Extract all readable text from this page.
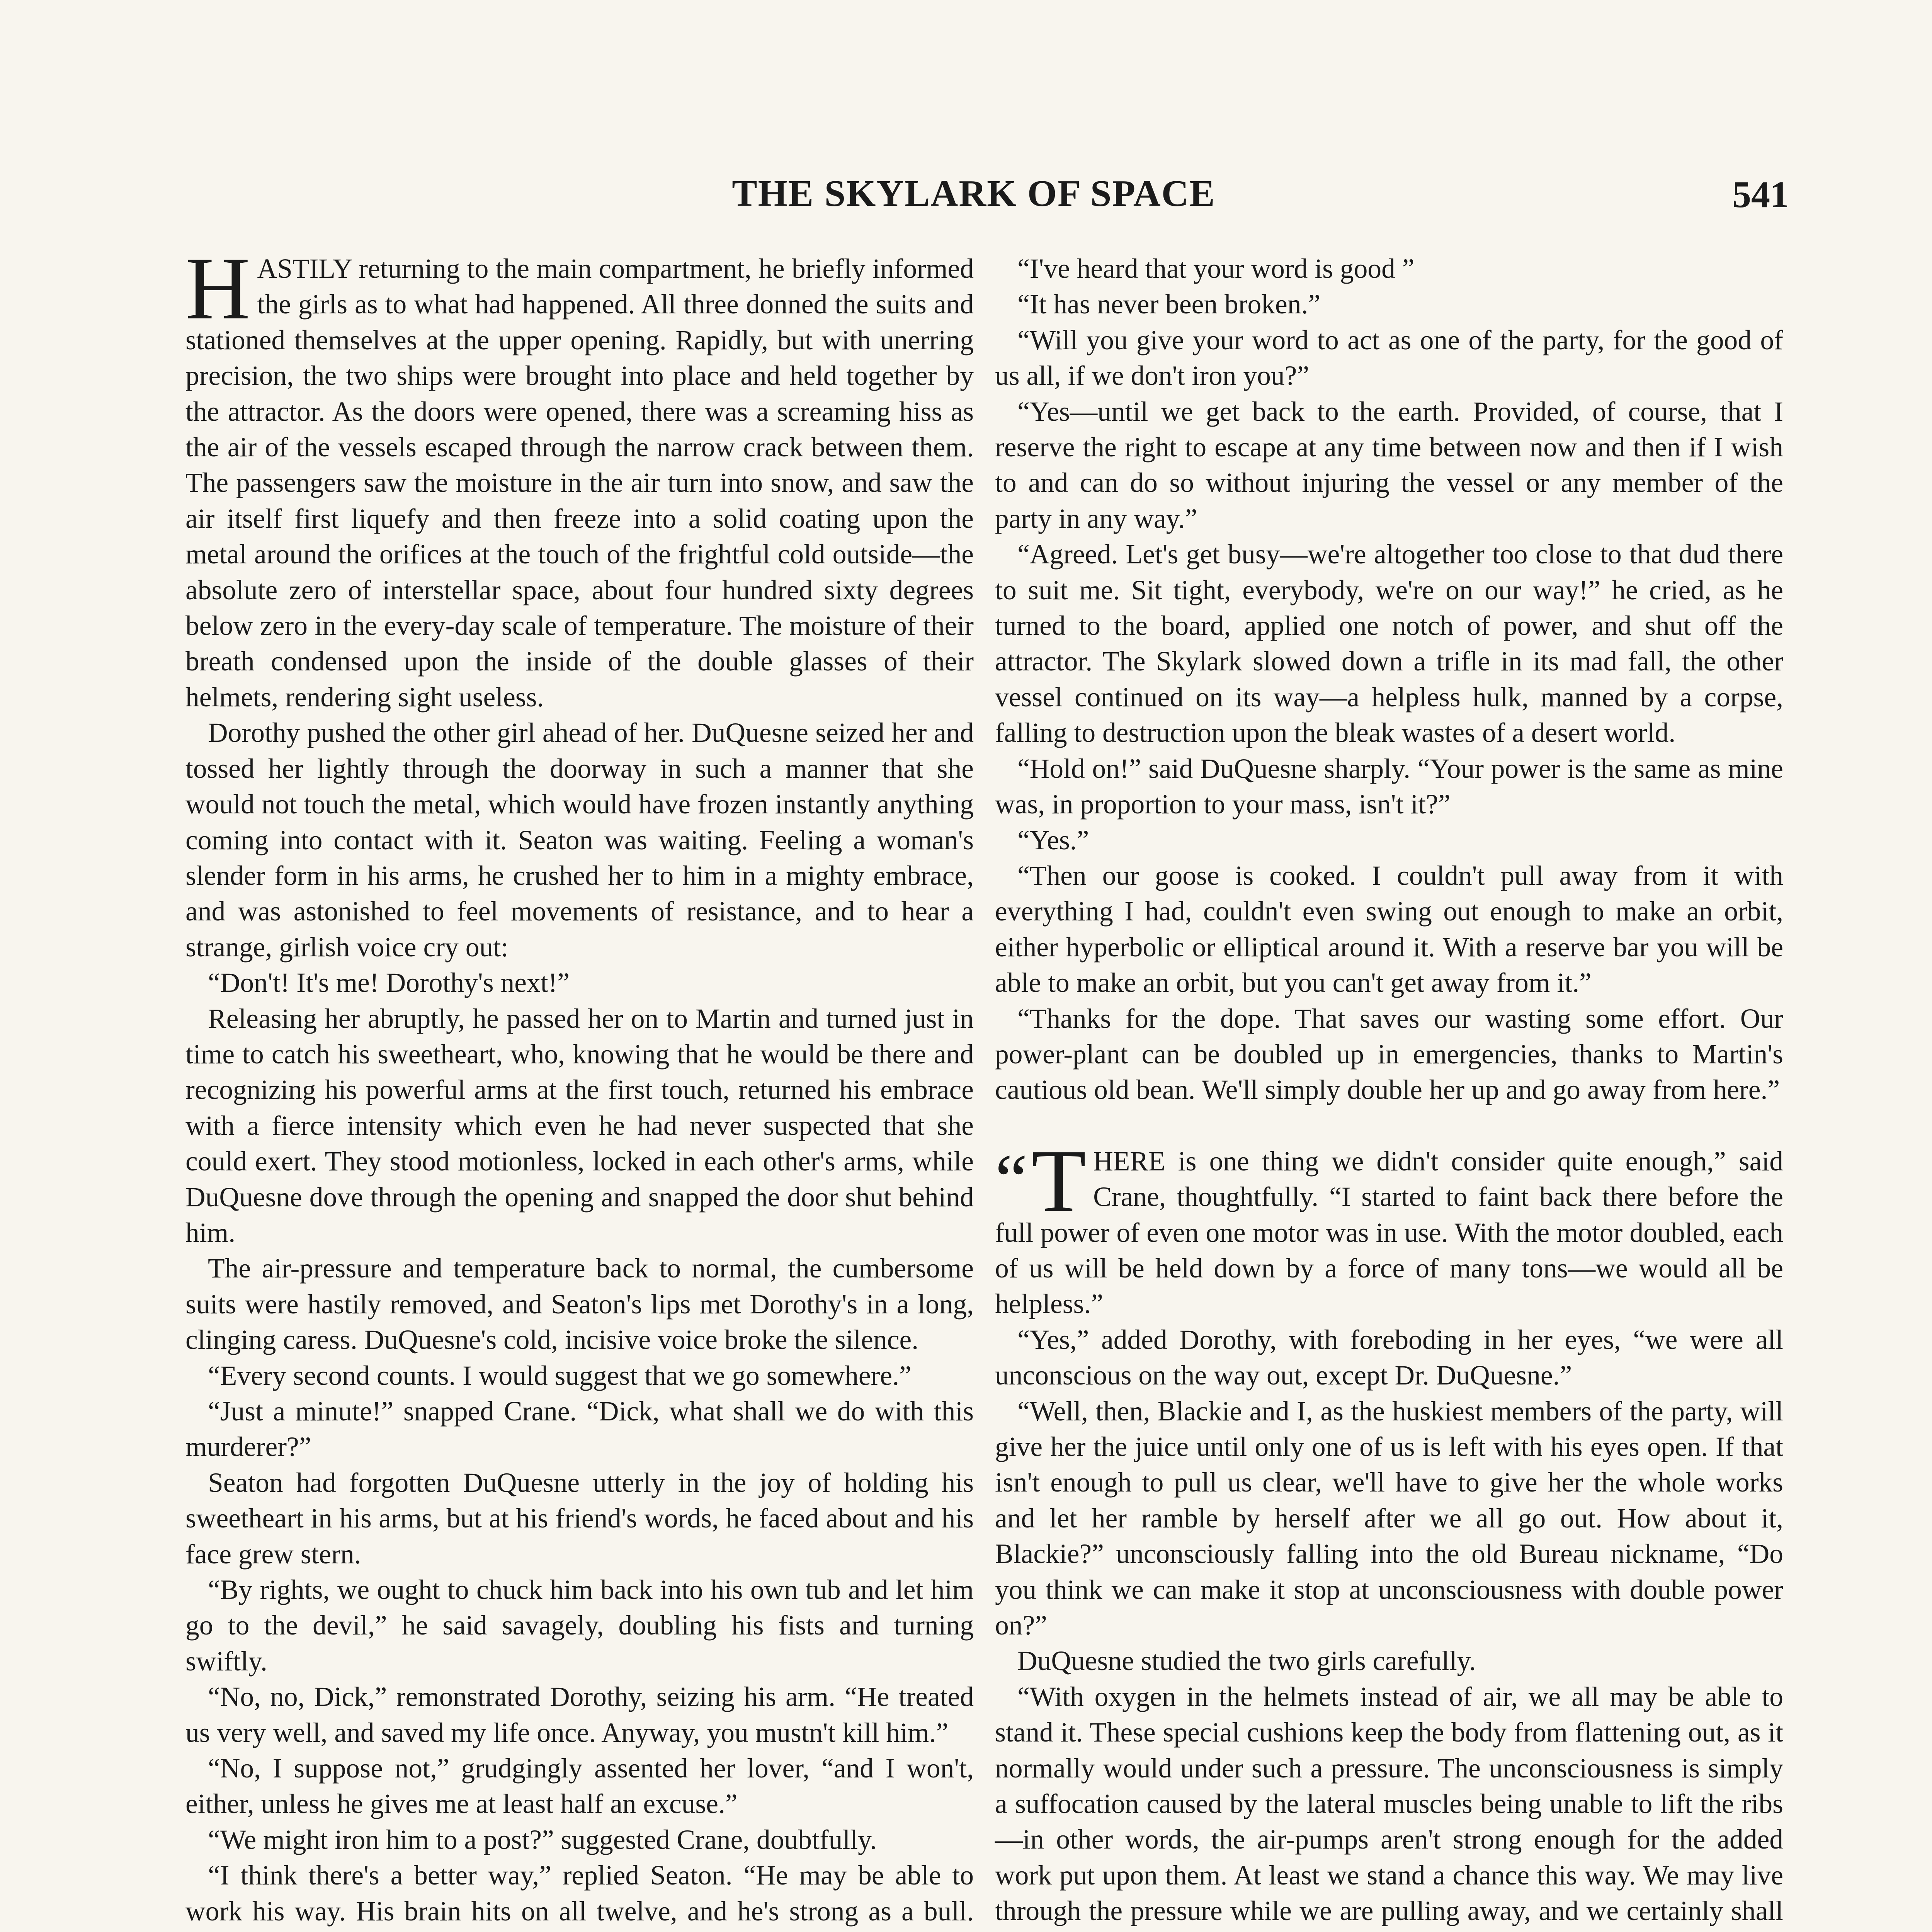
THE SKYLARK OF SPACE	541

HASTILY returning to the main compartment, he briefly informed the girls as to what had happened. All three donned the suits and stationed themselves at the upper opening. Rapidly, but with unerring precision, the two ships were brought into place and held together by the attractor. As the doors were opened, there was a screaming hiss as the air of the vessels escaped through the narrow crack between them. The passengers saw the moisture in the air turn into snow, and saw the air itself first liquefy and then freeze into a solid coating upon the metal around the orifices at the touch of the frightful cold outside—the absolute zero of interstellar space, about four hundred sixty degrees below zero in the every-day scale of temperature. The moisture of their breath condensed upon the inside of the double glasses of their helmets, rendering sight useless.

Dorothy pushed the other girl ahead of her. DuQuesne seized her and tossed her lightly through the doorway in such a manner that she would not touch the metal, which would have frozen instantly anything coming into contact with it. Seaton was waiting. Feeling a woman's slender form in his arms, he crushed her to him in a mighty embrace, and was astonished to feel movements of resistance, and to hear a strange, girlish voice cry out:

“Don't! It's me! Dorothy's next!”

Releasing her abruptly, he passed her on to Martin and turned just in time to catch his sweetheart, who, knowing that he would be there and recognizing his powerful arms at the first touch, returned his embrace with a fierce intensity which even he had never suspected that she could exert. They stood motionless, locked in each other's arms, while DuQuesne dove through the opening and snapped the door shut behind him.

The air-pressure and temperature back to normal, the cumbersome suits were hastily removed, and Seaton's lips met Dorothy's in a long, clinging caress. DuQuesne's cold, incisive voice broke the silence.

“Every second counts. I would suggest that we go somewhere.”

“Just a minute!” snapped Crane. “Dick, what shall we do with this murderer?”

Seaton had forgotten DuQuesne utterly in the joy of holding his sweetheart in his arms, but at his friend's words, he faced about and his face grew stern.

“By rights, we ought to chuck him back into his own tub and let him go to the devil,” he said savagely, doubling his fists and turning swiftly.

“No, no, Dick,” remonstrated Dorothy, seizing his arm. “He treated us very well, and saved my life once. Anyway, you mustn't kill him.”

“No, I suppose not,” grudgingly assented her lover, “and I won't, either, unless he gives me at least half an excuse.”

“We might iron him to a post?” suggested Crane, doubtfully.

“I think there's a better way,” replied Seaton. “He may be able to work his way. His brain hits on all twelve, and he's strong as a bull.

“I've heard that your word is good ”

“It has never been broken.”

“Will you give your word to act as one of the party, for the good of us all, if we don't iron you?”

“Yes—until we get back to the earth. Provided, of course, that I reserve the right to escape at any time between now and then if I wish to and can do so without injuring the vessel or any member of the party in any way.”

“Agreed. Let's get busy—we're altogether too close to that dud there to suit me. Sit tight, everybody, we're on our way!” he cried, as he turned to the board, applied one notch of power, and shut off the attractor. The Skylark slowed down a trifle in its mad fall, the other vessel continued on its way—a helpless hulk, manned by a corpse, falling to destruction upon the bleak wastes of a desert world.

“Hold on!” said DuQuesne sharply. “Your power is the same as mine was, in proportion to your mass, isn't it?”

“Yes.”

“Then our goose is cooked. I couldn't pull away from it with everything I had, couldn't even swing out enough to make an orbit, either hyperbolic or elliptical around it. With a reserve bar you will be able to make an orbit, but you can't get away from it.”

“Thanks for the dope. That saves our wasting some effort. Our power-plant can be doubled up in emergencies, thanks to Martin's cautious old bean. We'll simply double her up and go away from here.”

“ T HERE is one thing we didn't consider quite enough,” said Crane, thoughtfully. “I started to faint back there before the full power of even one motor was in use. With the motor doubled, each of us will be held down by a force of many tons—we would all be helpless.”

“Yes,” added Dorothy, with foreboding in her eyes, “we were all unconscious on the way out, except Dr. DuQuesne.”

“Well, then, Blackie and I, as the huskiest members of the party, will give her the juice until only one of us is left with his eyes open. If that isn't enough to pull us clear, we'll have to give her the whole works and let her ramble by herself after we all go out. How about it, Blackie?” unconsciously falling into the old Bureau nickname, “Do you think we can make it stop at unconsciousness with double power on?”

DuQuesne studied the two girls carefully.

“With oxygen in the helmets instead of air, we all may be able to stand it. These special cushions keep the body from flattening out, as it normally would under such a pressure. The unconsciousness is simply a suffocation caused by the lateral muscles being unable to lift the ribs—in other words, the air-pumps aren't strong enough for the added work put upon them. At least we stand a chance this way. We may live through the pressure while we are pulling away, and we certainly shall
